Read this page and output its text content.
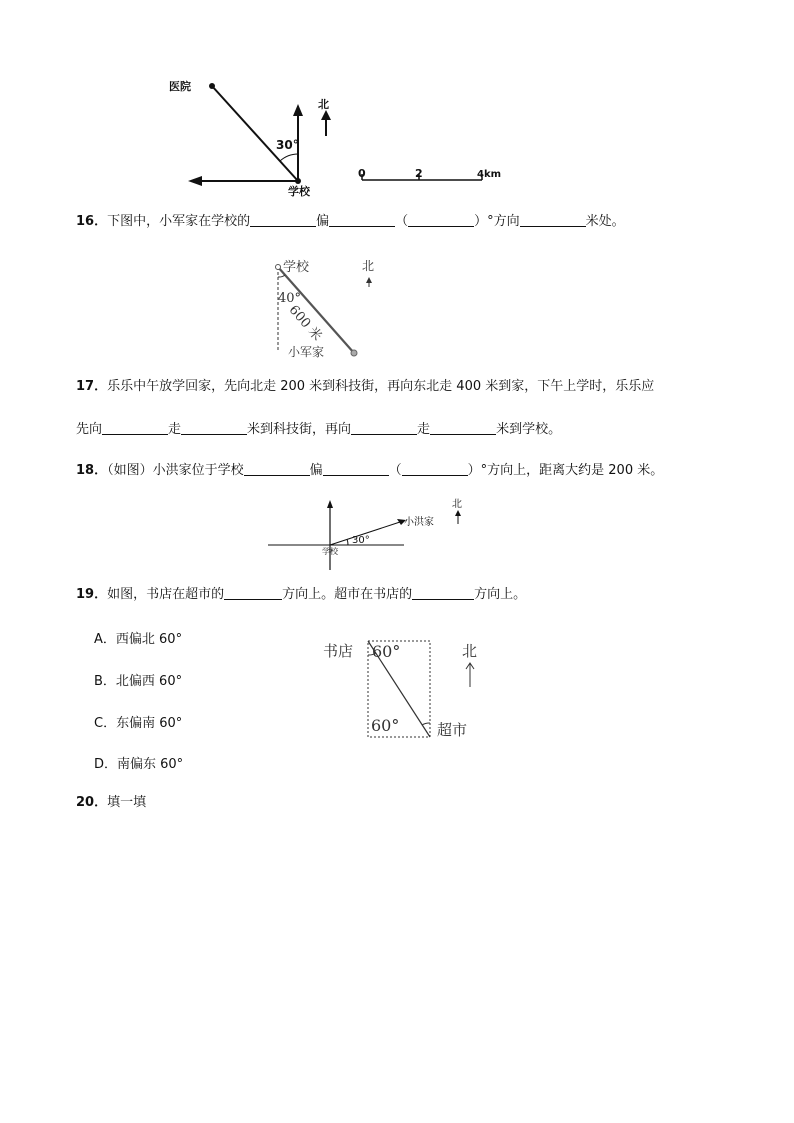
医院
北
30°
学校
0	2	4km
16．下图中，小军家在学校的	偏	（	）°方向	米处。
学校	北
40°
600 米
小军家
17．乐乐中午放学回家，先向北走 200 米到科技街，再向东北走 400 米到家，下午上学时，乐乐应
先向	走	米到科技街，再向	走	米到学校。
18．（如图）小洪家位于学校	偏	（	）°方向上，距离大约是 200 米。
北
小洪家
30°
学校
19．如图，书店在超市的	方向上。超市在书店的	方向上。
A．西偏北 60°
B．北偏西 60°
C．东偏南 60°
D．南偏东 60°
书店 60°
60°	超市
北
20．填一填
